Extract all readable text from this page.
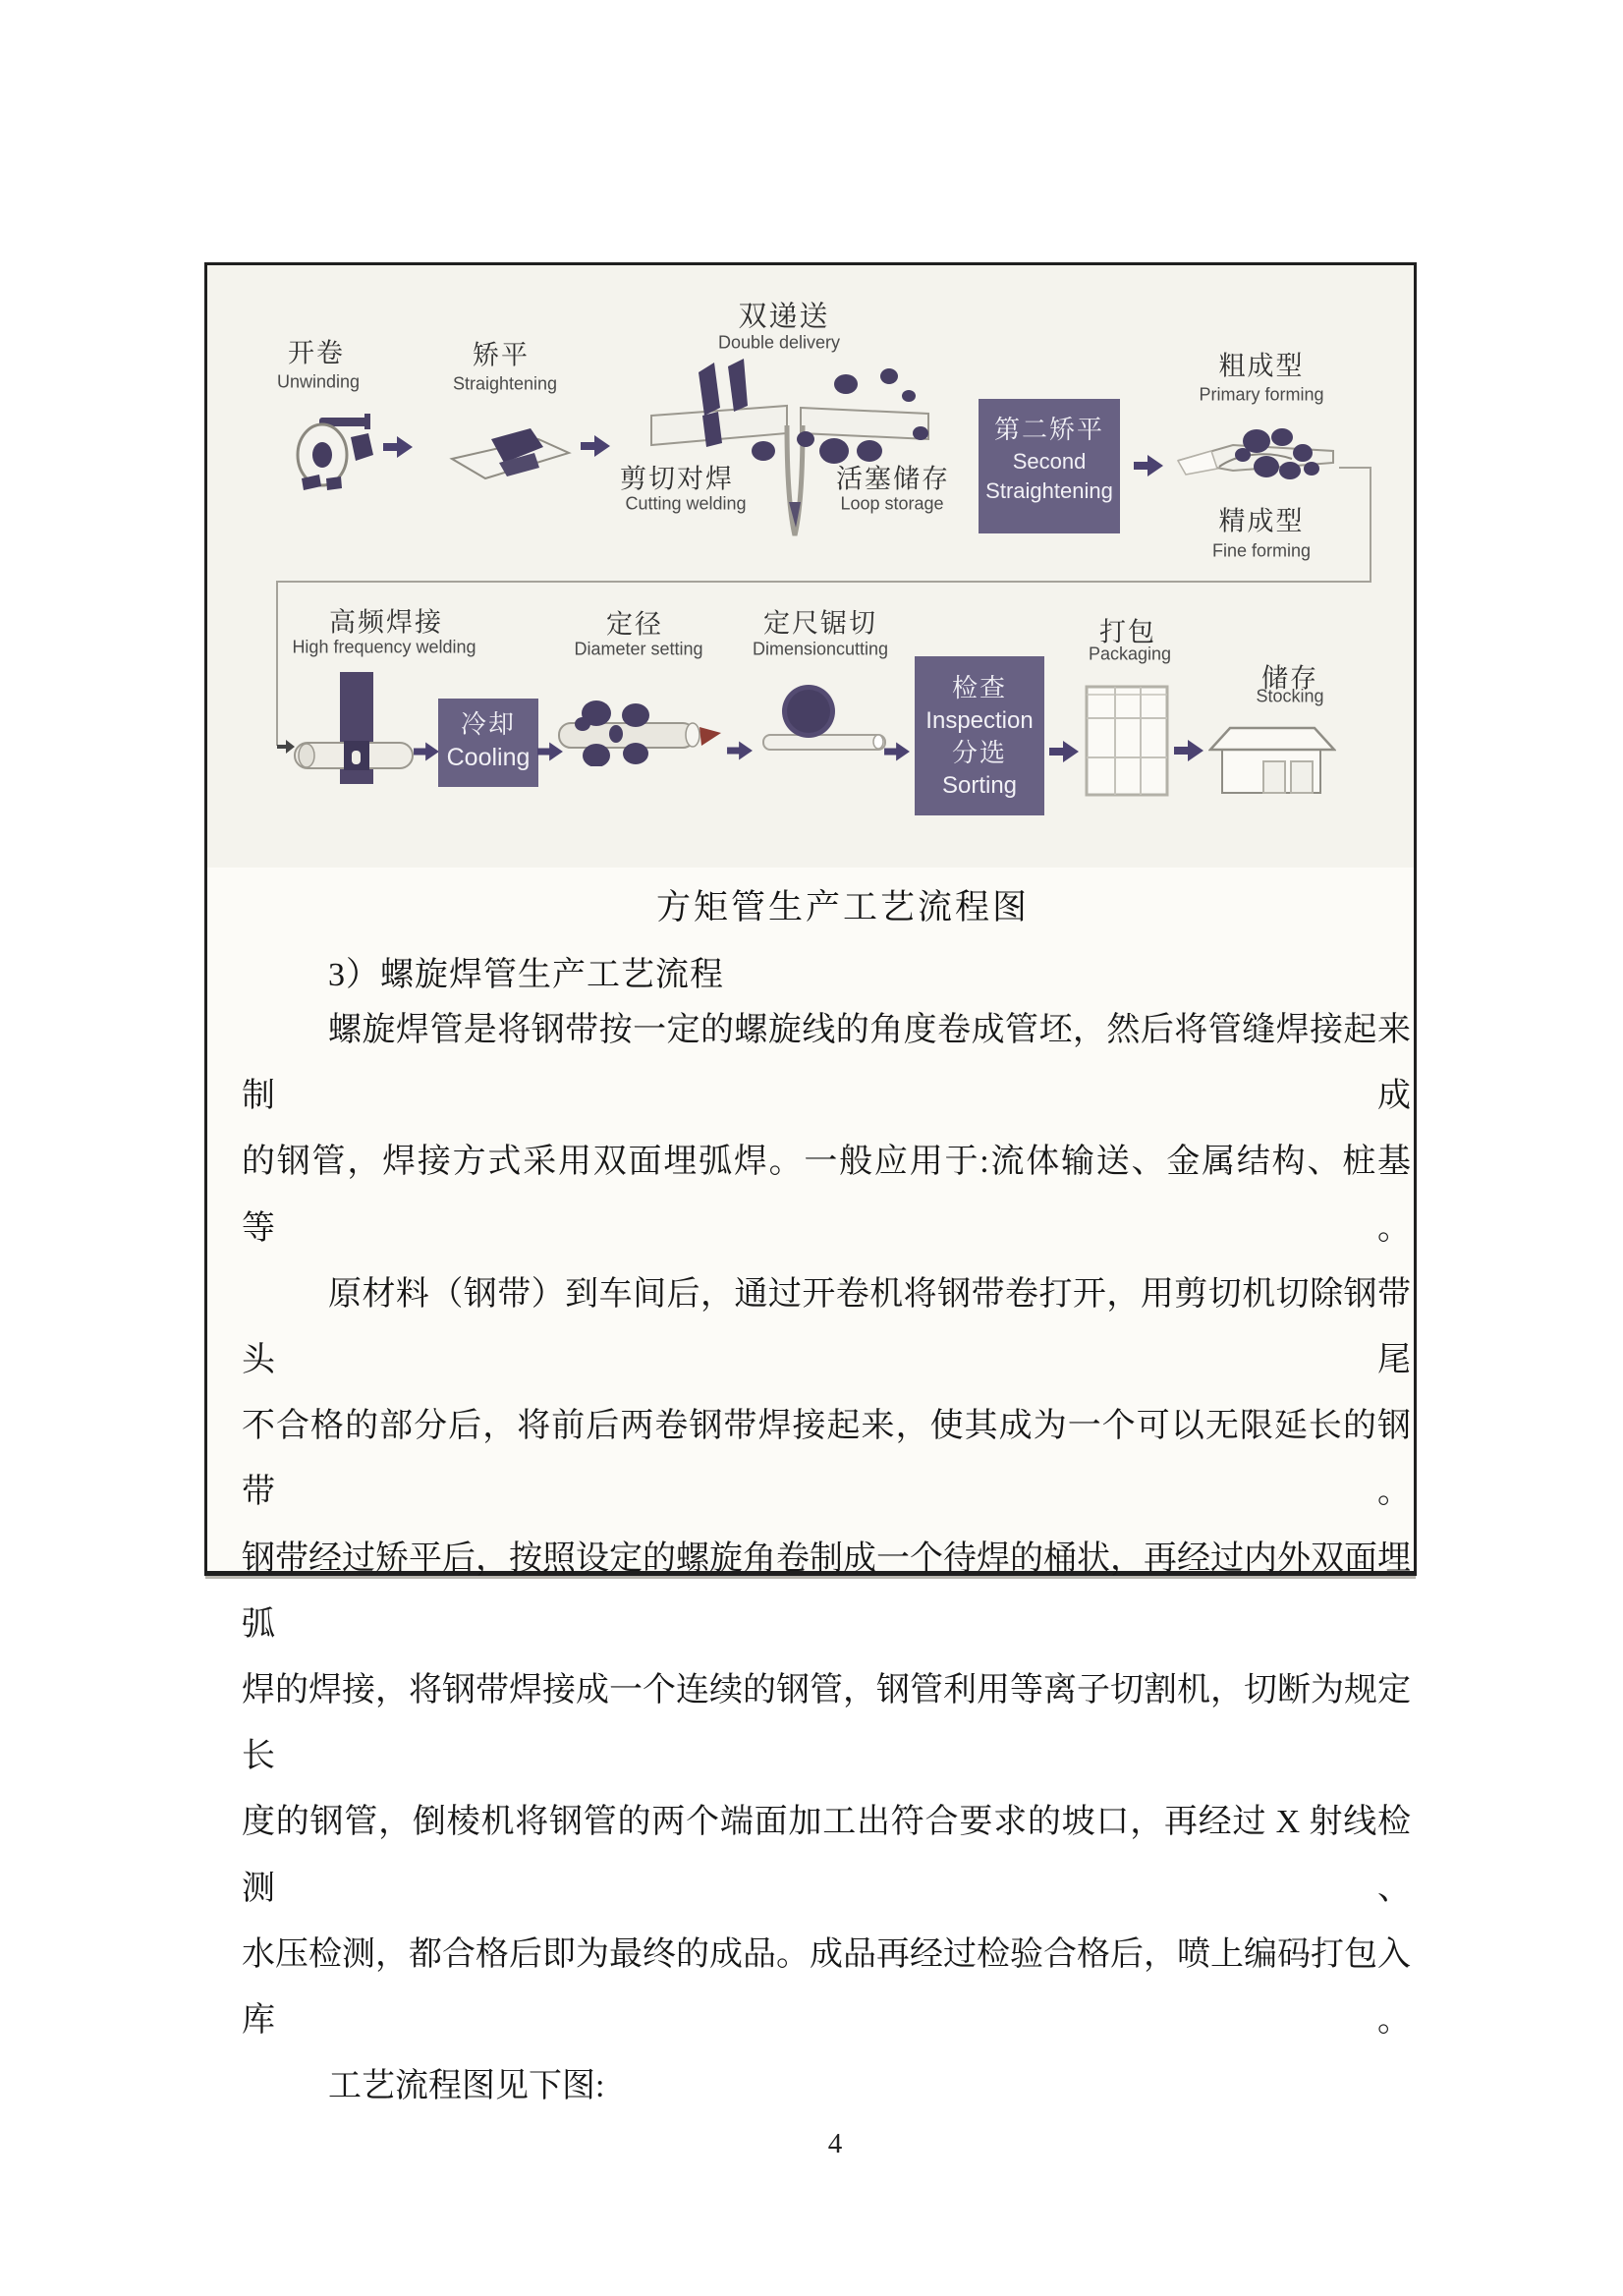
开卷
Unwinding
矫平
Straightening
双递送
Double delivery
剪切对焊
Cutting welding
活塞储存
Loop storage
第二矫平
Second
Straightening
粗成型
Primary forming
精成型
Fine forming
高频焊接
High frequency welding
冷却
Cooling
定径
Diameter setting
定尺锯切
Dimensioncutting
检查
Inspection
分选
Sorting
打包
Packaging
储存
Stocking
方矩管生产工艺流程图
3）螺旋焊管生产工艺流程
螺旋焊管是将钢带按一定的螺旋线的角度卷成管坯，然后将管缝焊接起来制成
的钢管，焊接方式采用双面埋弧焊。一般应用于:流体输送、金属结构、桩基等。
原材料（钢带）到车间后，通过开卷机将钢带卷打开，用剪切机切除钢带头尾
不合格的部分后，将前后两卷钢带焊接起来，使其成为一个可以无限延长的钢带。
钢带经过矫平后，按照设定的螺旋角卷制成一个待焊的桶状，再经过内外双面埋弧
焊的焊接，将钢带焊接成一个连续的钢管，钢管利用等离子切割机，切断为规定长
度的钢管，倒棱机将钢管的两个端面加工出符合要求的坡口，再经过 X 射线检测、
水压检测，都合格后即为最终的成品。成品再经过检验合格后，喷上编码打包入库。
工艺流程图见下图:
4
